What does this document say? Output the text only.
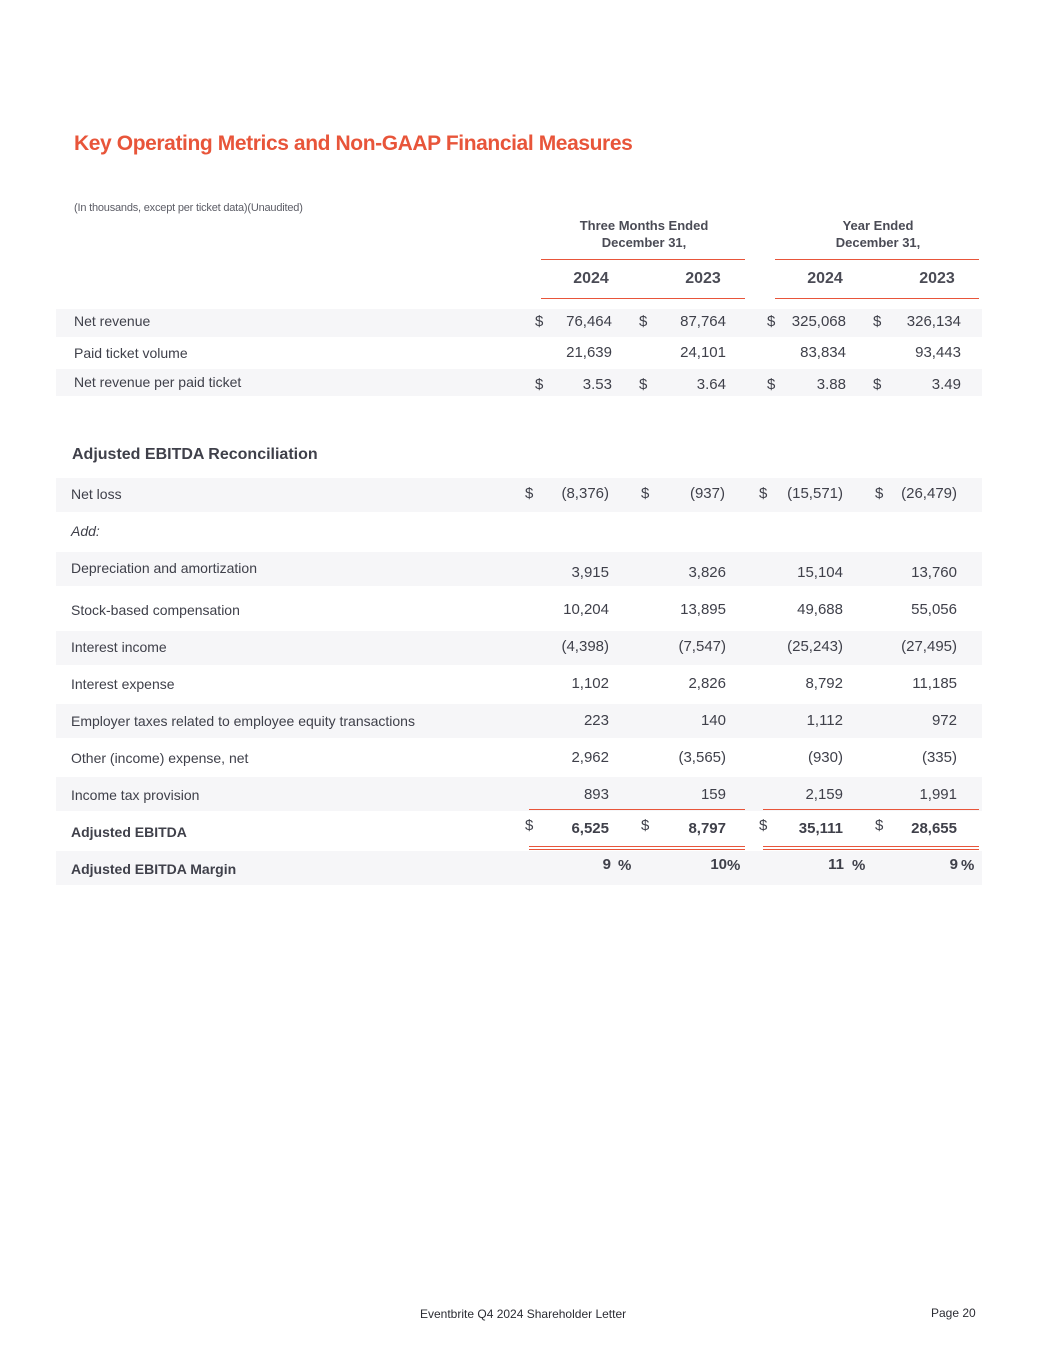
Key Operating Metrics and Non-GAAP Financial Measures
(In thousands, except per ticket data)(Unaudited)
Three Months Ended
December 31,
Year Ended
December 31,
2024	2023	2024	2023
Net revenue	$ 76,464 $ 87,764	$ 325,068 $ 326,134
Paid ticket volume	21,639	24,101	83,834	93,443
Net revenue per paid ticket	$	3.53 $	3.64	$	3.88 $	3.49
Adjusted EBITDA Reconciliation
Net loss	$ (8,376) $	(937) $ (15,571) $ (26,479)
Add:
Depreciation and amortization	3,915	3,826	15,104	13,760
Stock-based compensation	10,204	13,895	49,688	55,056
Interest income	(4,398)	(7,547)	(25,243)	(27,495)
Interest expense	1,102	2,826	8,792	11,185
Employer taxes related to employee equity transactions	223	140	1,112	972
Other (income) expense, net	2,962	(3,565)	(930)	(335)
Income tax provision	893	159	2,159	1,991
Adjusted EBITDA	$	6,525 $	8,797 $ 35,111 $ 28,655
Adjusted EBITDA Margin	9 %	10 %	11 %	9 %
Eventbrite Q4 2024 Shareholder Letter	Page 20
